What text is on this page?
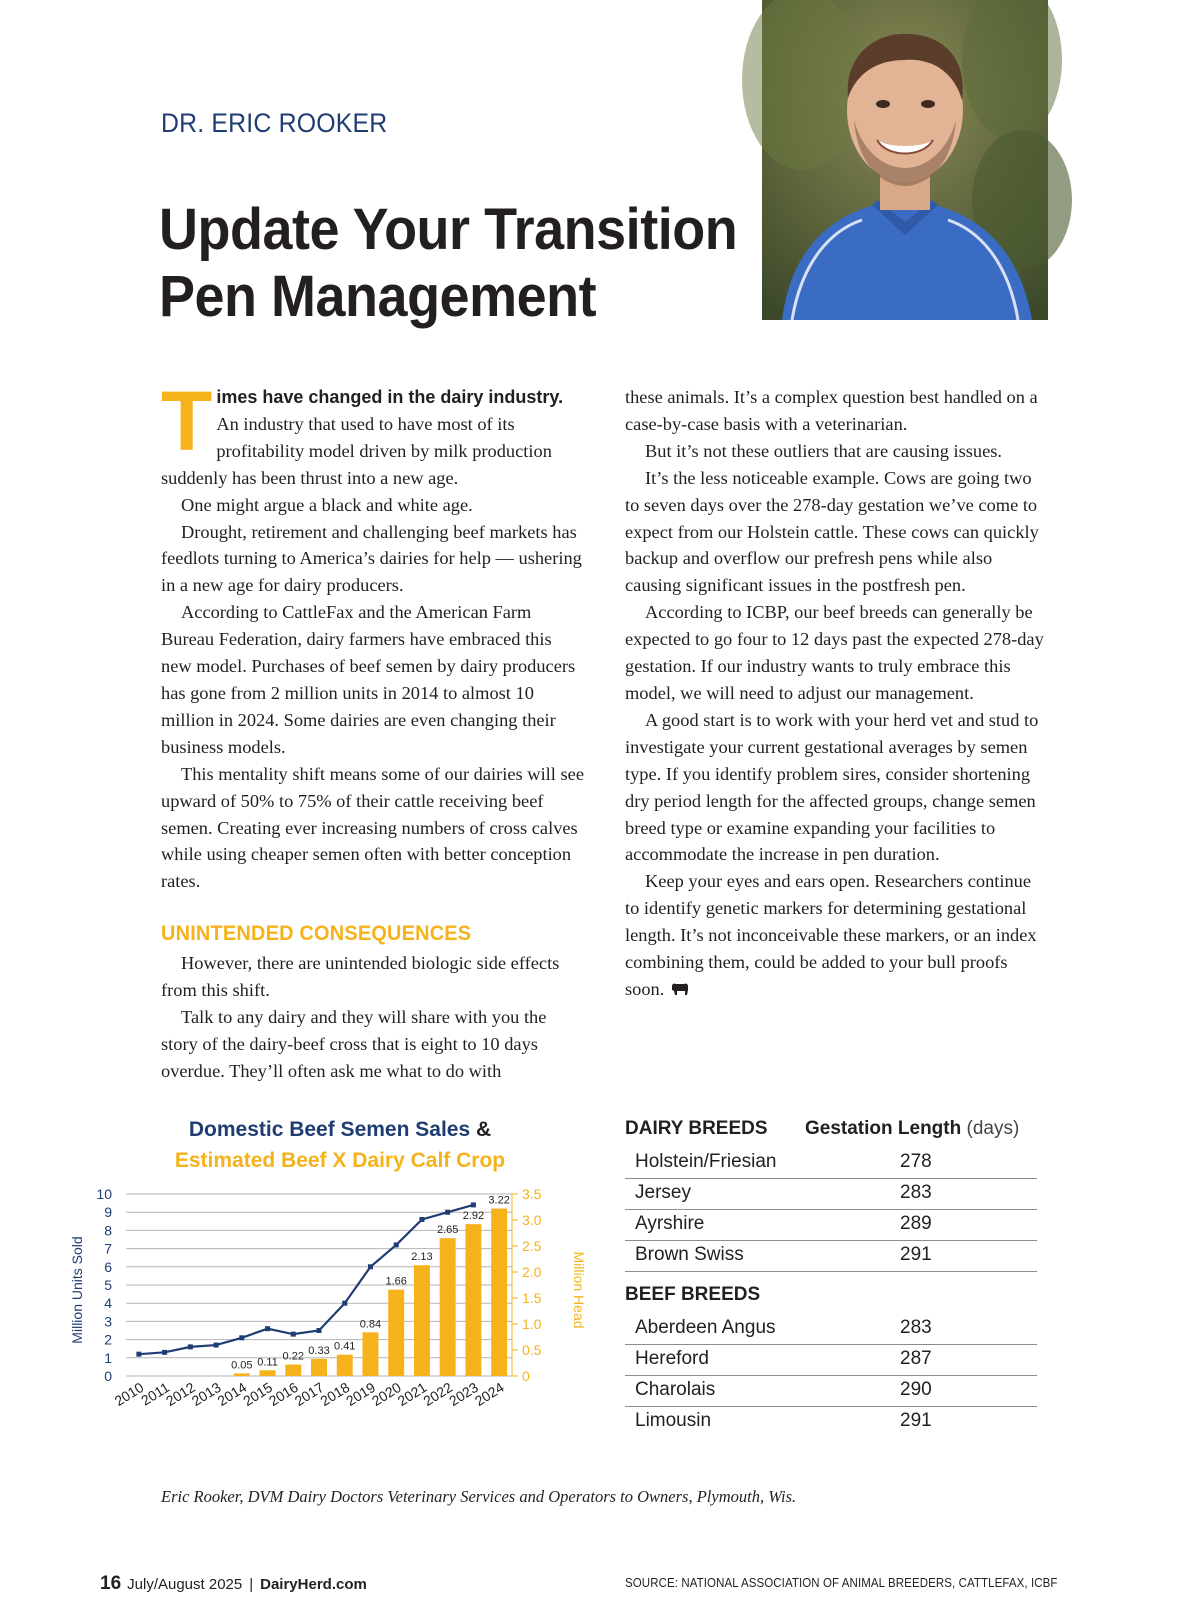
DR. ERIC ROOKER
Update Your Transition
Pen Management

Times have changed in the dairy industry. An industry that used to have most of its profitability model driven by milk production suddenly has been thrust into a new age.

One might argue a black and white age.

Drought, retirement and challenging beef markets has feedlots turning to America’s dairies for help — ushering in a new age for dairy producers.

According to CattleFax and the American Farm Bureau Federation, dairy farmers have embraced this new model. Purchases of beef semen by dairy producers has gone from 2 million units in 2014 to almost 10 million in 2024. Some dairies are even changing their business models.

This mentality shift means some of our dairies will see upward of 50% to 75% of their cattle receiving beef semen. Creating ever increasing numbers of cross calves while using cheaper semen often with better conception rates.

UNINTENDED CONSEQUENCES

However, there are unintended biologic side effects from this shift.

Talk to any dairy and they will share with you the story of the dairy-beef cross that is eight to 10 days overdue. They’ll often ask me what to do with

these animals. It’s a complex question best handled on a case-by-case basis with a veterinarian.

But it’s not these outliers that are causing issues.

It’s the less noticeable example. Cows are going two to seven days over the 278-day gestation we’ve come to expect from our Holstein cattle. These cows can quickly backup and overflow our prefresh pens while also causing significant issues in the postfresh pen.

According to ICBP, our beef breeds can generally be expected to go four to 12 days past the expected 278-day gestation. If our industry wants to truly embrace this model, we will need to adjust our management.

A good start is to work with your herd vet and stud to investigate your current gestational averages by semen type. If you identify problem sires, consider shortening dry period length for the affected groups, change semen breed type or examine expanding your facilities to accommodate the increase in pen duration.

Keep your eyes and ears open. Researchers continue to identify genetic markers for determining gestational length. It’s not inconceivable these markers, or an index combining them, could be added to your bull proofs soon.

Domestic Beef Semen Sales &
Estimated Beef X Dairy Calf Crop
0.05 0.11 0.22 0.33 0.41
0.84
1.66
2.13
2.65
2.92
3.22
0
1
2
3
4
5
6
7
8
9
10
0
0.5
1.0
1.5
2.0
2.5
3.0
3.5
2010
2011
2012
2013
2014
2015
2016
2017
2018
2019
2020
2021
2022
2023
2024
Million Units Sold	Million Head
DAIRY BREEDS Gestation Length (days)
Holstein/Friesian	278
Jersey	283
Ayrshire	289
Brown Swiss	291
BEEF BREEDS
Aberdeen Angus	283
Hereford	287
Charolais	290
Limousin	291
Eric Rooker, DVM Dairy Doctors Veterinary Services and Operators to Owners, Plymouth, Wis.
16 July/August 2025 | DairyHerd.com	SOURCE: NATIONAL ASSOCIATION OF ANIMAL BREEDERS, CATTLEFAX, ICBF
